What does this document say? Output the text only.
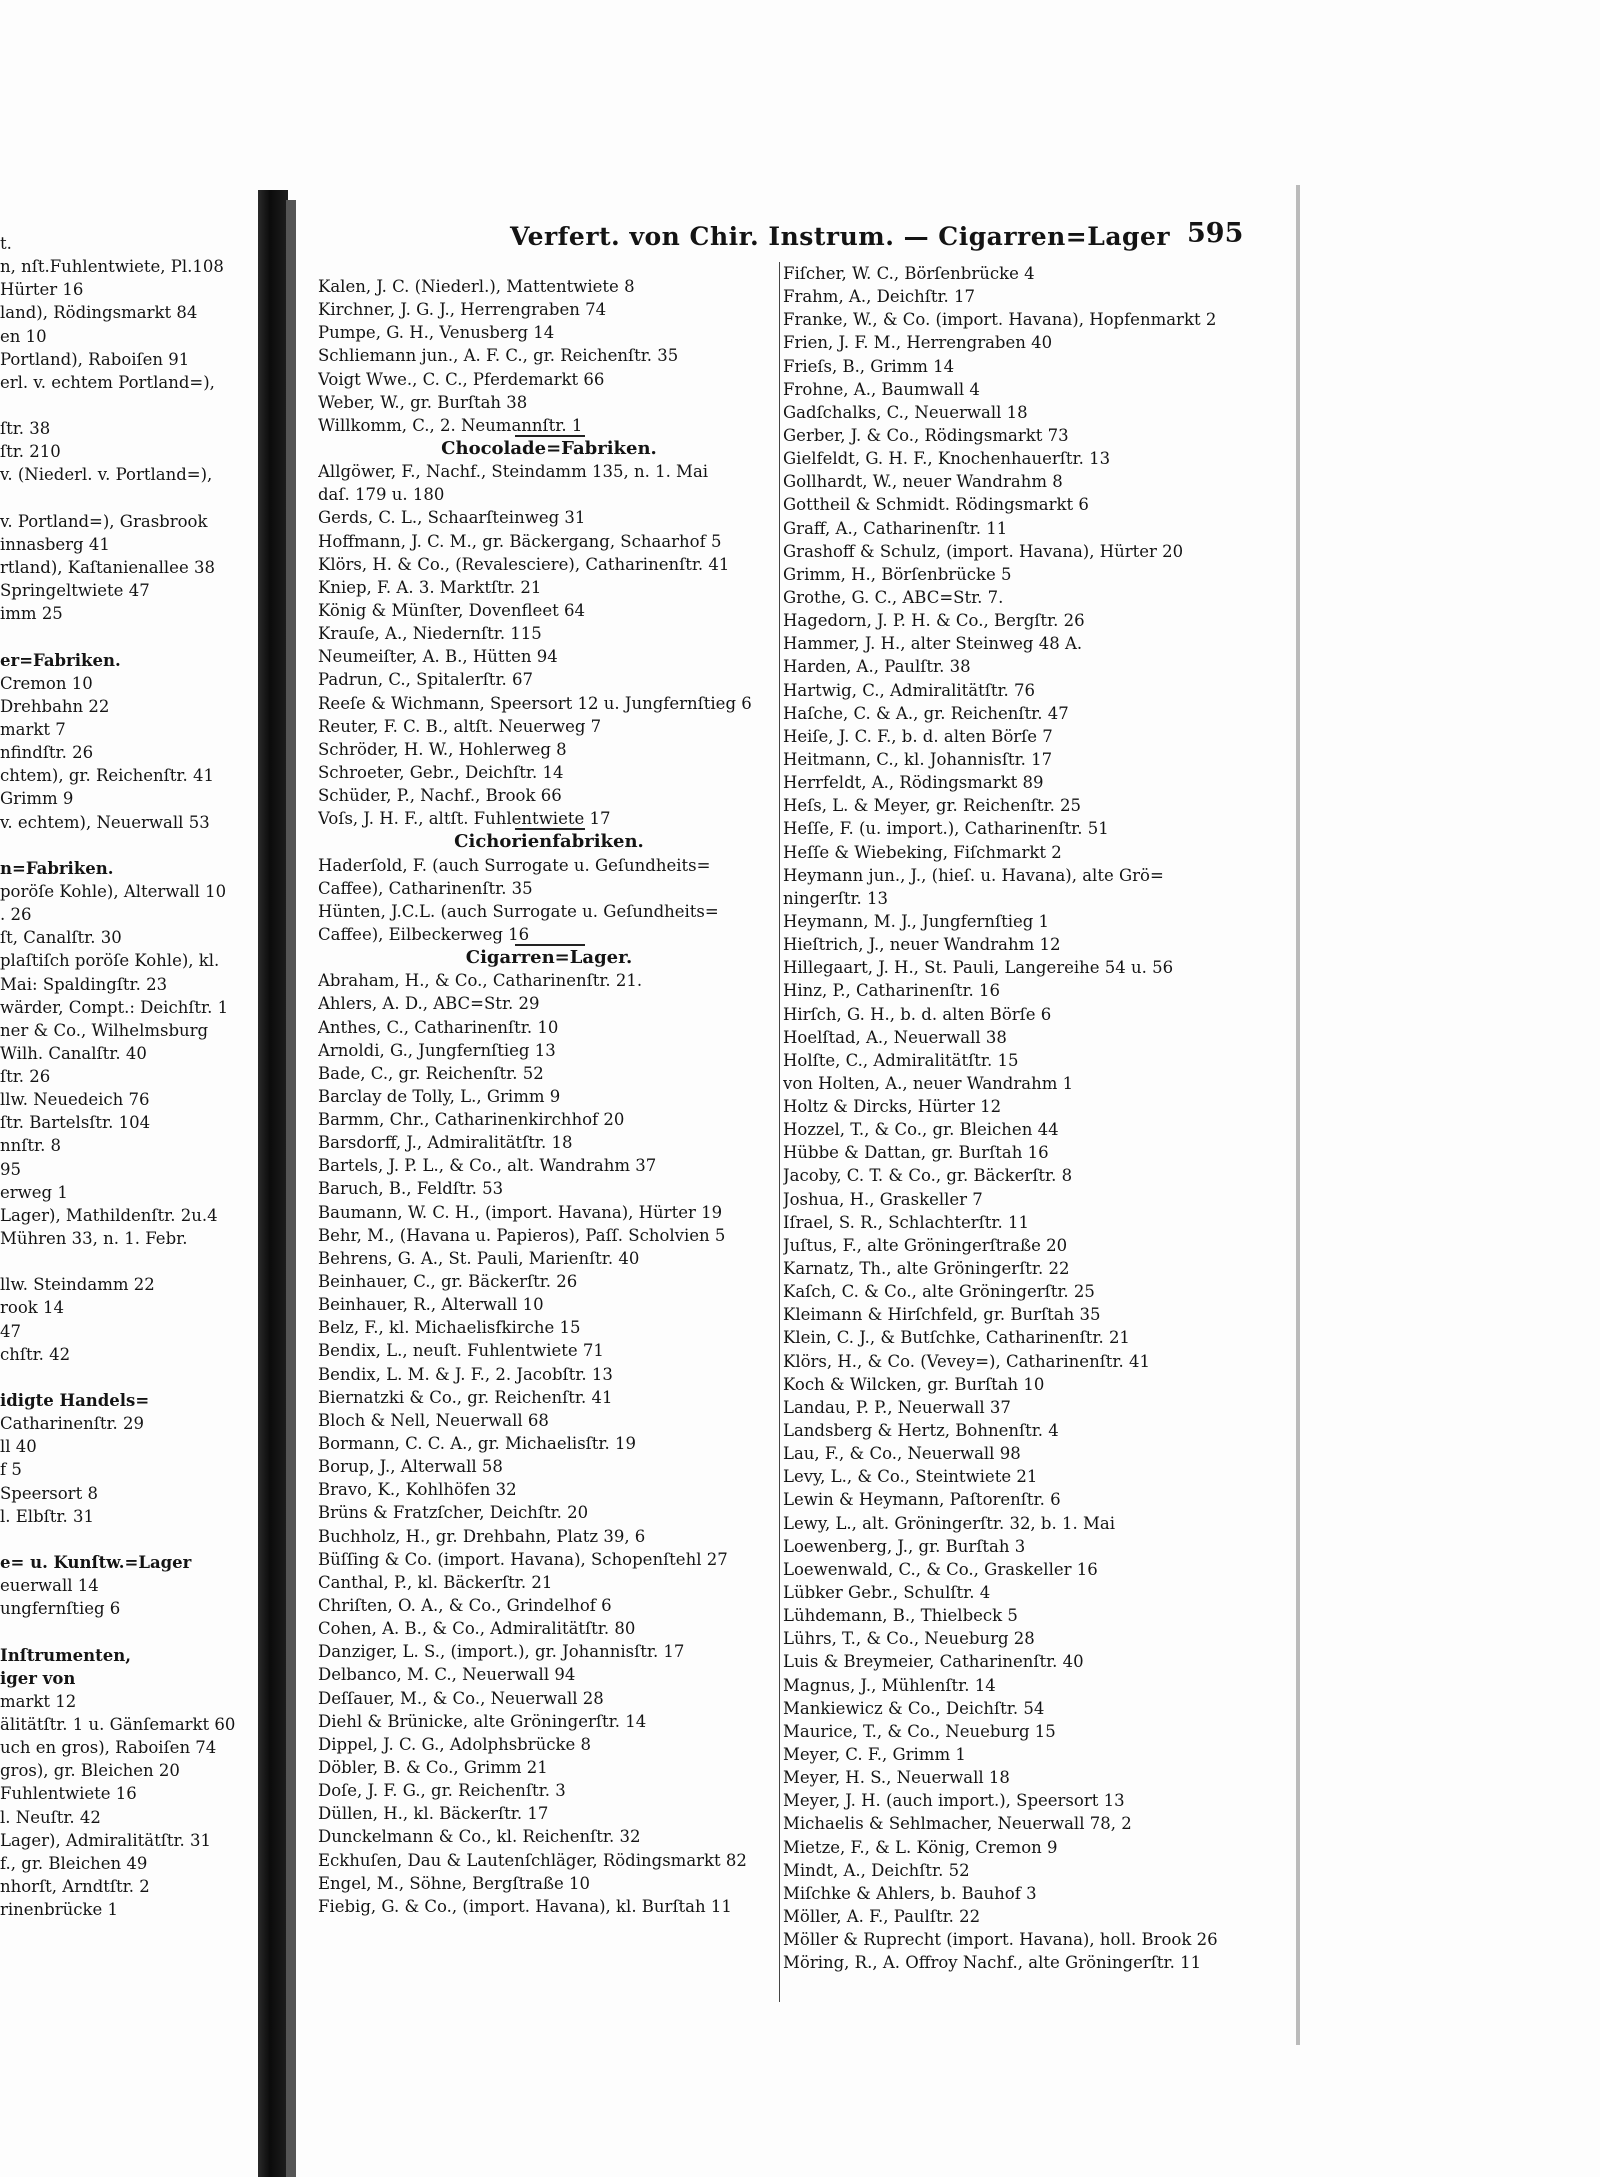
Verfert. von Chir. Instrum. — Cigarren=Lager 595
t.
n, nſt.Fuhlentwiete, Pl.108
Hürter 16
land), Rödingsmarkt 84
en 10
Portland), Raboiſen 91
erl. v. echtem Portland=),

ſtr. 38
ſtr. 210
v. (Niederl. v. Portland=),

v. Portland=), Grasbrook
innasberg 41
rtland), Kaſtanienallee 38
Springeltwiete 47
imm 25

er=Fabriken.
Cremon 10
Drehbahn 22
markt 7
nfindſtr. 26
chtem), gr. Reichenſtr. 41
Grimm 9
v. echtem), Neuerwall 53

n=Fabriken.
poröſe Kohle), Alterwall 10
. 26
ſt, Canalſtr. 30
plaſtiſch poröſe Kohle), kl.
Mai: Spaldingſtr. 23
wärder, Compt.: Deichſtr. 1
ner & Co., Wilhelmsburg
Wilh. Canalſtr. 40
ſtr. 26
llw. Neuedeich 76
ſtr. Bartelsſtr. 104
nnſtr. 8
95
erweg 1
Lager), Mathildenſtr. 2u.4
Mühren 33, n. 1. Febr.

llw. Steindamm 22
rook 14
47
chſtr. 42

idigte Handels=
Catharinenſtr. 29
ll 40
f 5
Speersort 8
l. Elbſtr. 31

e= u. Kunſtw.=Lager
euerwall 14
ungfernſtieg 6

Inſtrumenten,
iger von
markt 12
älitätſtr. 1 u. Gänſemarkt 60
uch en gros), Raboiſen 74
gros), gr. Bleichen 20
Fuhlentwiete 16
l. Neuſtr. 42
Lager), Admiralitätſtr. 31
f., gr. Bleichen 49
nhorſt, Arndtſtr. 2
rinenbrücke 1
Kalen, J. C. (Niederl.), Mattentwiete 8
Kirchner, J. G. J., Herrengraben 74
Pumpe, G. H., Venusberg 14
Schliemann jun., A. F. C., gr. Reichenſtr. 35
Voigt Wwe., C. C., Pferdemarkt 66
Weber, W., gr. Burſtah 38
Willkomm, C., 2. Neumannſtr. 1
Chocolade=Fabriken.
Allgöwer, F., Nachf., Steindamm 135, n. 1. Mai
daſ. 179 u. 180
Gerds, C. L., Schaarſteinweg 31
Hoffmann, J. C. M., gr. Bäckergang, Schaarhof 5
Klörs, H. & Co., (Revalesciere), Catharinenſtr. 41
Kniep, F. A. 3. Marktſtr. 21
König & Münſter, Dovenfleet 64
Krauſe, A., Niedernſtr. 115
Neumeiſter, A. B., Hütten 94
Padrun, C., Spitalerſtr. 67
Reeſe & Wichmann, Speersort 12 u. Jungfernſtieg 6
Reuter, F. C. B., altſt. Neuerweg 7
Schröder, H. W., Hohlerweg 8
Schroeter, Gebr., Deichſtr. 14
Schüder, P., Nachf., Brook 66
Voſs, J. H. F., altſt. Fuhlentwiete 17
Cichorienfabriken.
Haderſold, F. (auch Surrogate u. Geſundheits=
Caffee), Catharinenſtr. 35
Hünten, J.C.L. (auch Surrogate u. Geſundheits=
Caffee), Eilbeckerweg 16
Cigarren=Lager.
Abraham, H., & Co., Catharinenſtr. 21.
Ahlers, A. D., ABC=Str. 29
Anthes, C., Catharinenſtr. 10
Arnoldi, G., Jungfernſtieg 13
Bade, C., gr. Reichenſtr. 52
Barclay de Tolly, L., Grimm 9
Barmm, Chr., Catharinenkirchhof 20
Barsdorff, J., Admiralitätſtr. 18
Bartels, J. P. L., & Co., alt. Wandrahm 37
Baruch, B., Feldſtr. 53
Baumann, W. C. H., (import. Havana), Hürter 19
Behr, M., (Havana u. Papieros), Paſſ. Scholvien 5
Behrens, G. A., St. Pauli, Marienſtr. 40
Beinhauer, C., gr. Bäckerſtr. 26
Beinhauer, R., Alterwall 10
Belz, F., kl. Michaelisfkirche 15
Bendix, L., neuſt. Fuhlentwiete 71
Bendix, L. M. & J. F., 2. Jacobſtr. 13
Biernatzki & Co., gr. Reichenſtr. 41
Bloch & Nell, Neuerwall 68
Bormann, C. C. A., gr. Michaelisſtr. 19
Borup, J., Alterwall 58
Bravo, K., Kohlhöfen 32
Brüns & Fratzſcher, Deichſtr. 20
Buchholz, H., gr. Drehbahn, Platz 39, 6
Büſſing & Co. (import. Havana), Schopenſtehl 27
Canthal, P., kl. Bäckerſtr. 21
Chriſten, O. A., & Co., Grindelhof 6
Cohen, A. B., & Co., Admiralitätſtr. 80
Danziger, L. S., (import.), gr. Johannisſtr. 17
Delbanco, M. C., Neuerwall 94
Deſſauer, M., & Co., Neuerwall 28
Diehl & Brünicke, alte Gröningerſtr. 14
Dippel, J. C. G., Adolphsbrücke 8
Döbler, B. & Co., Grimm 21
Doſe, J. F. G., gr. Reichenſtr. 3
Düllen, H., kl. Bäckerſtr. 17
Dunckelmann & Co., kl. Reichenſtr. 32
Eckhuſen, Dau & Lautenſchläger, Rödingsmarkt 82
Engel, M., Söhne, Bergſtraße 10
Fiebig, G. & Co., (import. Havana), kl. Burſtah 11
Fiſcher, W. C., Börſenbrücke 4
Frahm, A., Deichſtr. 17
Franke, W., & Co. (import. Havana), Hopfenmarkt 2
Frien, J. F. M., Herrengraben 40
Frieſs, B., Grimm 14
Frohne, A., Baumwall 4
Gadſchalks, C., Neuerwall 18
Gerber, J. & Co., Rödingsmarkt 73
Gielfeldt, G. H. F., Knochenhauerſtr. 13
Gollhardt, W., neuer Wandrahm 8
Gottheil & Schmidt. Rödingsmarkt 6
Graff, A., Catharinenſtr. 11
Grashoff & Schulz, (import. Havana), Hürter 20
Grimm, H., Börſenbrücke 5
Grothe, G. C., ABC=Str. 7.
Hagedorn, J. P. H. & Co., Bergſtr. 26
Hammer, J. H., alter Steinweg 48 A.
Harden, A., Paulſtr. 38
Hartwig, C., Admiralitätſtr. 76
Haſche, C. & A., gr. Reichenſtr. 47
Heiſe, J. C. F., b. d. alten Börſe 7
Heitmann, C., kl. Johannisſtr. 17
Herrfeldt, A., Rödingsmarkt 89
Heſs, L. & Meyer, gr. Reichenſtr. 25
Heſſe, F. (u. import.), Catharinenſtr. 51
Heſſe & Wiebeking, Fiſchmarkt 2
Heymann jun., J., (hieſ. u. Havana), alte Grö=
ningerſtr. 13
Heymann, M. J., Jungfernſtieg 1
Hieſtrich, J., neuer Wandrahm 12
Hillegaart, J. H., St. Pauli, Langereihe 54 u. 56
Hinz, P., Catharinenſtr. 16
Hirſch, G. H., b. d. alten Börſe 6
Hoelſtad, A., Neuerwall 38
Holſte, C., Admiralitätſtr. 15
von Holten, A., neuer Wandrahm 1
Holtz & Dircks, Hürter 12
Hozzel, T., & Co., gr. Bleichen 44
Hübbe & Dattan, gr. Burſtah 16
Jacoby, C. T. & Co., gr. Bäckerſtr. 8
Joshua, H., Graskeller 7
Iſrael, S. R., Schlachterſtr. 11
Juſtus, F., alte Gröningerſtraße 20
Karnatz, Th., alte Gröningerſtr. 22
Kaſch, C. & Co., alte Gröningerſtr. 25
Kleimann & Hirſchfeld, gr. Burſtah 35
Klein, C. J., & Butſchke, Catharinenſtr. 21
Klörs, H., & Co. (Vevey=), Catharinenſtr. 41
Koch & Wilcken, gr. Burſtah 10
Landau, P. P., Neuerwall 37
Landsberg & Hertz, Bohnenſtr. 4
Lau, F., & Co., Neuerwall 98
Levy, L., & Co., Steintwiete 21
Lewin & Heymann, Paſtorenſtr. 6
Lewy, L., alt. Gröningerſtr. 32, b. 1. Mai
Loewenberg, J., gr. Burſtah 3
Loewenwald, C., & Co., Graskeller 16
Lübker Gebr., Schulſtr. 4
Lühdemann, B., Thielbeck 5
Lührs, T., & Co., Neueburg 28
Luis & Breymeier, Catharinenſtr. 40
Magnus, J., Mühlenſtr. 14
Mankiewicz & Co., Deichſtr. 54
Maurice, T., & Co., Neueburg 15
Meyer, C. F., Grimm 1
Meyer, H. S., Neuerwall 18
Meyer, J. H. (auch import.), Speersort 13
Michaelis & Sehlmacher, Neuerwall 78, 2
Mietze, F., & L. König, Cremon 9
Mindt, A., Deichſtr. 52
Miſchke & Ahlers, b. Bauhof 3
Möller, A. F., Paulſtr. 22
Möller & Ruprecht (import. Havana), holl. Brook 26
Möring, R., A. Offroy Nachf., alte Gröningerſtr. 11
